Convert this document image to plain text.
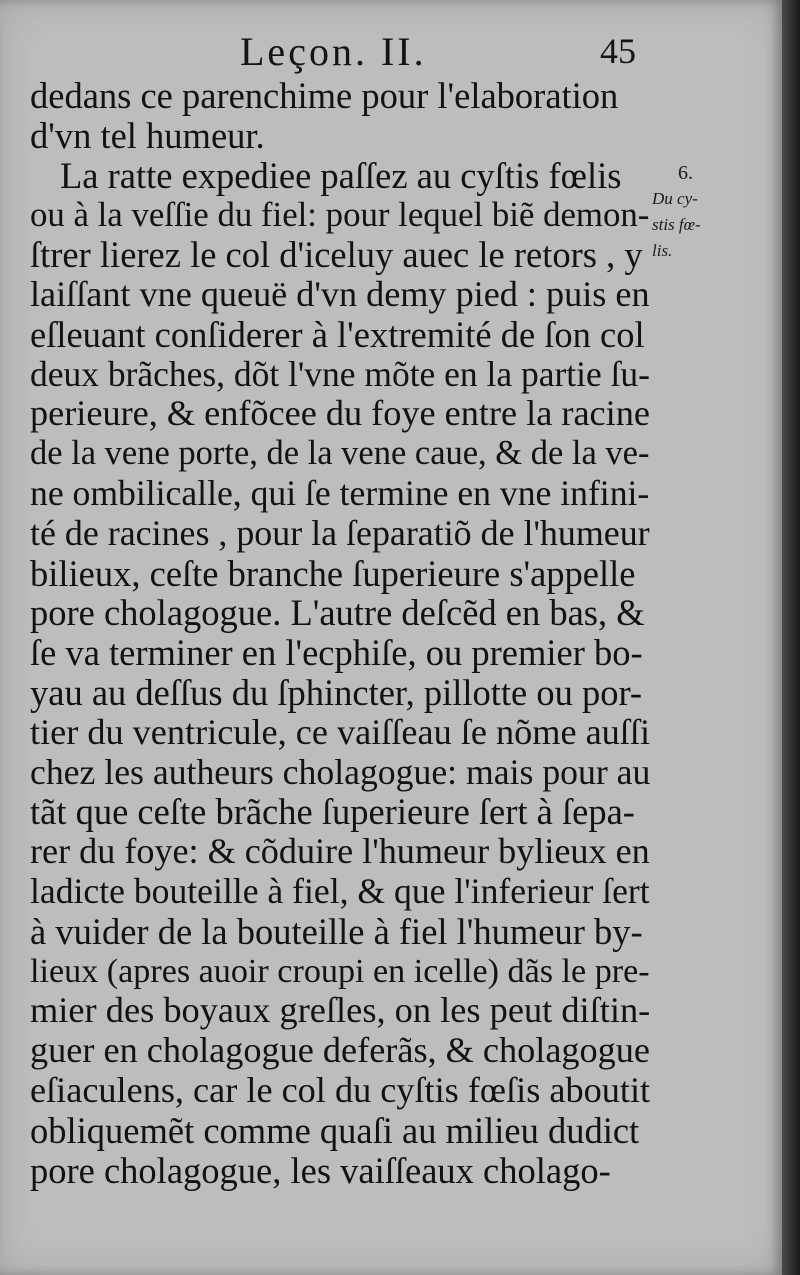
Leçon. II.	45
dedans ce parenchime pour l'elaboration
d'vn tel humeur.
La ratte expediee paſſez au cyſtis fœlis
ou à la veſſie du fiel: pour lequel biẽ demon-
ſtrer lierez le col d'iceluy auec le retors , y
laiſſant vne queuë d'vn demy pied : puis en
eſleuant conſiderer à l'extremité de ſon col
deux brãches, dõt l'vne mõte en la partie ſu-
perieure, & enfõcee du foye entre la racine
de la vene porte, de la vene caue, & de la ve-
ne ombilicalle, qui ſe termine en vne infini-
té de racines , pour la ſeparatiõ de l'humeur
bilieux, ceſte branche ſuperieure s'appelle
pore cholagogue. L'autre deſcẽd en bas, &
ſe va terminer en l'ecphiſe, ou premier bo-
yau au deſſus du ſphincter, pillotte ou por-
tier du ventricule, ce vaiſſeau ſe nõme auſſi
chez les autheurs cholagogue: mais pour au
tãt que ceſte brãche ſuperieure ſert à ſepa-
rer du foye: & cõduire l'humeur bylieux en
ladicte bouteille à fiel, & que l'inferieur ſert
à vuider de la bouteille à fiel l'humeur by-
lieux (apres auoir croupi en icelle) dãs le pre-
mier des boyaux greſles, on les peut diſtin-
guer en cholagogue deferãs, & cholagogue
eſiaculens, car le col du cyſtis fœſis aboutit
obliquemẽt comme quaſi au milieu dudict
pore cholagogue, les vaiſſeaux cholago-
6.
Du cy-
stis fœ-
lis.
